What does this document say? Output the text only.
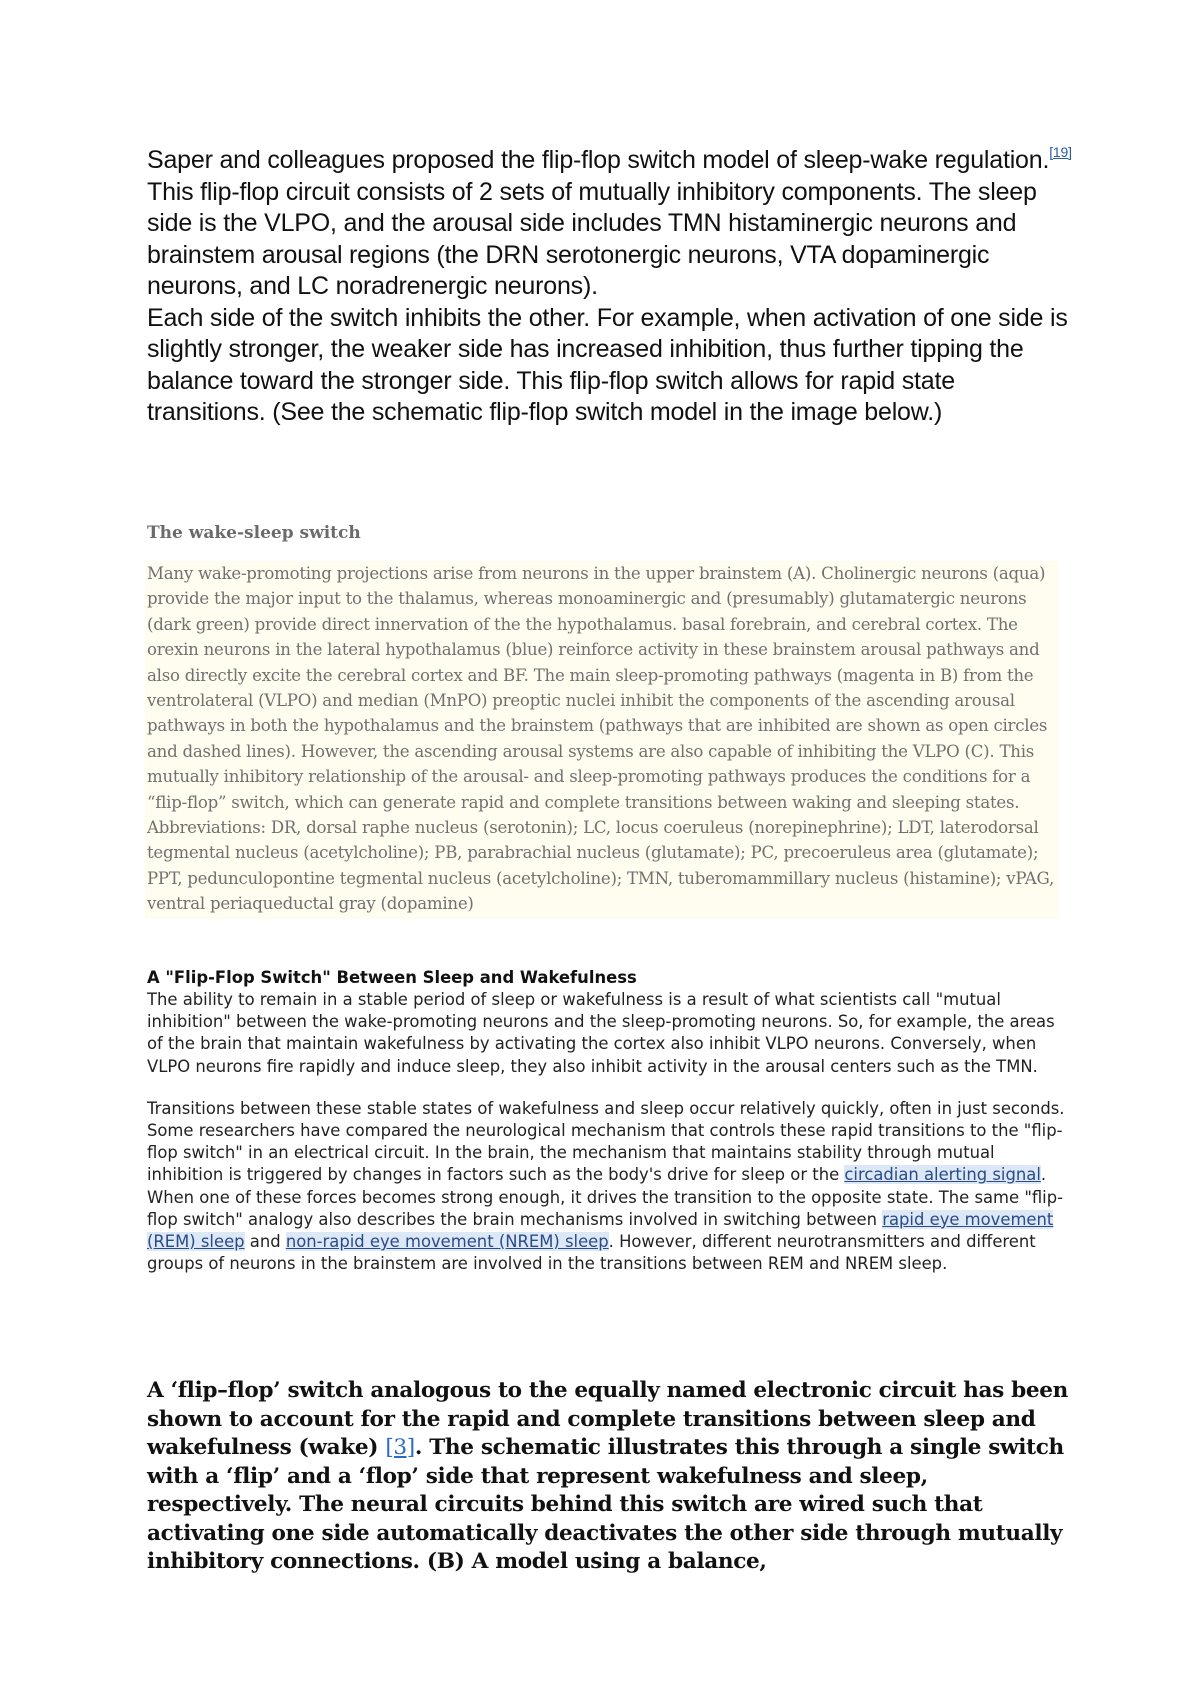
Saper and colleagues proposed the flip-flop switch model of sleep-wake regulation.[19] This flip-flop circuit consists of 2 sets of mutually inhibitory components. The sleep side is the VLPO, and the arousal side includes TMN histaminergic neurons and brainstem arousal regions (the DRN serotonergic neurons, VTA dopaminergic neurons, and LC noradrenergic neurons).

Each side of the switch inhibits the other. For example, when activation of one side is slightly stronger, the weaker side has increased inhibition, thus further tipping the balance toward the stronger side. This flip-flop switch allows for rapid state transitions. (See the schematic flip-flop switch model in the image below.)

The wake-sleep switch
Many wake-promoting projections arise from neurons in the upper brainstem (A). Cholinergic neurons (aqua) provide the major input to the thalamus, whereas monoaminergic and (presumably) glutamatergic neurons (dark green) provide direct innervation of the the hypothalamus. basal forebrain, and cerebral cortex. The orexin neurons in the lateral hypothalamus (blue) reinforce activity in these brainstem arousal pathways and also directly excite the cerebral cortex and BF. The main sleep-promoting pathways (magenta in B) from the ventrolateral (VLPO) and median (MnPO) preoptic nuclei inhibit the components of the ascending arousal pathways in both the hypothalamus and the brainstem (pathways that are inhibited are shown as open circles and dashed lines). However, the ascending arousal systems are also capable of inhibiting the VLPO (C). This mutually inhibitory relationship of the arousal- and sleep-promoting pathways produces the conditions for a “flip-flop” switch, which can generate rapid and complete transitions between waking and sleeping states. Abbreviations: DR, dorsal raphe nucleus (serotonin); LC, locus coeruleus (norepinephrine); LDT, laterodorsal tegmental nucleus (acetylcholine); PB, parabrachial nucleus (glutamate); PC, precoeruleus area (glutamate); PPT, pedunculopontine tegmental nucleus (acetylcholine); TMN, tuberomammillary nucleus (histamine); vPAG, ventral periaqueductal gray (dopamine)
A "Flip-Flop Switch" Between Sleep and Wakefulness

The ability to remain in a stable period of sleep or wakefulness is a result of what scientists call "mutual inhibition" between the wake-promoting neurons and the sleep-promoting neurons. So, for example, the areas of the brain that maintain wakefulness by activating the cortex also inhibit VLPO neurons. Conversely, when VLPO neurons fire rapidly and induce sleep, they also inhibit activity in the arousal centers such as the TMN.

Transitions between these stable states of wakefulness and sleep occur relatively quickly, often in just seconds. Some researchers have compared the neurological mechanism that controls these rapid transitions to the "flip-flop switch" in an electrical circuit. In the brain, the mechanism that maintains stability through mutual inhibition is triggered by changes in factors such as the body's drive for sleep or the circadian alerting signal. When one of these forces becomes strong enough, it drives the transition to the opposite state. The same "flip-flop switch" analogy also describes the brain mechanisms involved in switching between rapid eye movement (REM) sleep and non-rapid eye movement (NREM) sleep. However, different neurotransmitters and different groups of neurons in the brainstem are involved in the transitions between REM and NREM sleep.

A ‘flip–flop’ switch analogous to the equally named electronic circuit has been shown to account for the rapid and complete transitions between sleep and wakefulness (wake) [3]. The schematic illustrates this through a single switch with a ‘flip’ and a ‘flop’ side that represent wakefulness and sleep, respectively. The neural circuits behind this switch are wired such that activating one side automatically deactivates the other side through mutually inhibitory connections. (B) A model using a balance,
